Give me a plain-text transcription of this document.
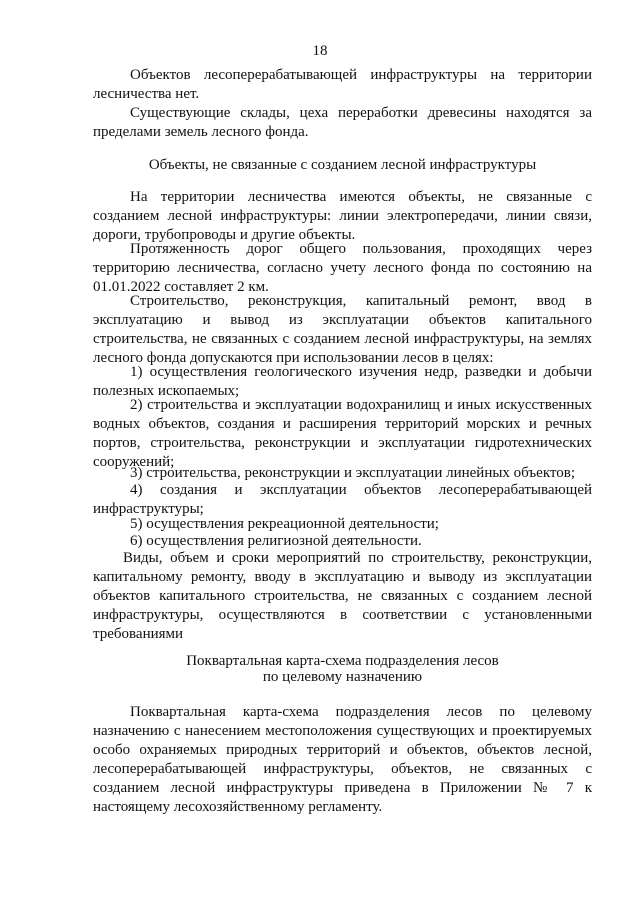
18

Объектов лесоперерабатывающей инфраструктуры на территории лесничества нет.

Существующие склады, цеха переработки древесины находятся за пределами земель лесного фонда.

Объекты, не связанные с созданием лесной инфраструктуры

На территории лесничества имеются объекты, не связанные с созданием лесной инфраструктуры: линии электропередачи, линии связи, дороги, трубопроводы и другие объекты.

Протяженность дорог общего пользования, проходящих через территорию лесничества, согласно учету лесного фонда по состоянию на 01.01.2022 составляет 2 км.

Строительство, реконструкция, капитальный ремонт, ввод в эксплуатацию и вывод из эксплуатации объектов капитального строительства, не связанных с созданием лесной инфраструктуры, на землях лесного фонда допускаются при использовании лесов в целях:

1) осуществления геологического изучения недр, разведки и добычи полезных ископаемых;

2) строительства и эксплуатации водохранилищ и иных искусственных водных объектов, создания и расширения территорий морских и речных портов, строительства, реконструкции и эксплуатации гидротехнических сооружений;

3) строительства, реконструкции и эксплуатации линейных объектов;

4) создания и эксплуатации объектов лесоперерабатывающей инфраструктуры;

5) осуществления рекреационной деятельности;

6) осуществления религиозной деятельности.

Виды, объем и сроки мероприятий по строительству, реконструкции, капитальному ремонту, вводу в эксплуатацию и выводу из эксплуатации объектов капитального строительства, не связанных с созданием лесной инфраструктуры, осуществляются в соответствии с установленными требованиями

Поквартальная карта-схема подразделения лесов

по целевому назначению

Поквартальная карта-схема подразделения лесов по целевому назначению с нанесением местоположения существующих и проектируемых особо охраняемых природных территорий и объектов, объектов лесной, лесоперерабатывающей инфраструктуры, объектов, не связанных с созданием лесной инфраструктуры приведена в Приложении № 7 к настоящему лесохозяйственному регламенту.
